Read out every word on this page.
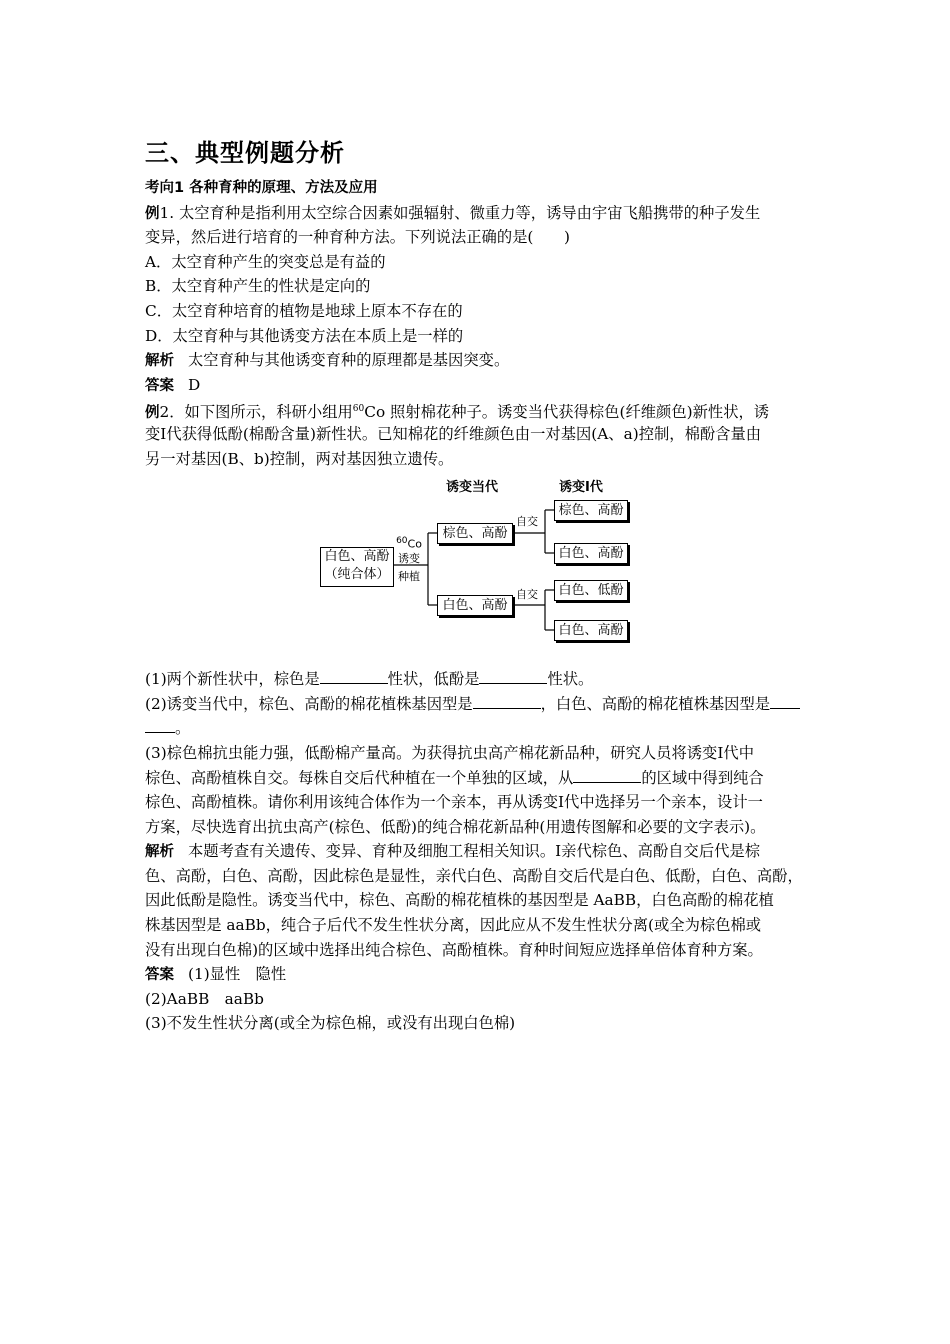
三、典型例题分析
考向1 各种育种的原理、方法及应用
例1. 太空育种是指利用太空综合因素如强辐射、微重力等，诱导由宇宙飞船携带的种子发生
变异，然后进行培育的一种育种方法。下列说法正确的是(　　)
A．太空育种产生的突变总是有益的
B．太空育种产生的性状是定向的
C．太空育种培育的植物是地球上原本不存在的
D．太空育种与其他诱变方法在本质上是一样的
解析 太空育种与其他诱变育种的原理都是基因突变。
答案 D
例2．如下图所示，科研小组用$^{60}$Co 照射棉花种子。诱变当代获得棕色(纤维颜色)新性状，诱
变Ⅰ代获得低酚(棉酚含量)新性状。已知棉花的纤维颜色由一对基因(A、a)控制，棉酚含量由
另一对基因(B、b)控制，两对基因独立遗传。
(1)两个新性状中，棕色是	性状，低酚是	性状。
(2)诱变当代中，棕色、高酚的棉花植株基因型是	，白色、高酚的棉花植株基因型是
。
(3)棕色棉抗虫能力强，低酚棉产量高。为获得抗虫高产棉花新品种，研究人员将诱变Ⅰ代中
棕色、高酚植株自交。每株自交后代种植在一个单独的区域，从	的区域中得到纯合
棕色、高酚植株。请你利用该纯合体作为一个亲本，再从诱变Ⅰ代中选择另一个亲本，设计一
方案，尽快选育出抗虫高产(棕色、低酚)的纯合棉花新品种(用遗传图解和必要的文字表示)。
解析 本题考查有关遗传、变异、育种及细胞工程相关知识。Ⅰ亲代棕色、高酚自交后代是棕
色、高酚，白色、高酚，因此棕色是显性，亲代白色、高酚自交后代是白色、低酚，白色、高酚，
因此低酚是隐性。诱变当代中，棕色、高酚的棉花植株的基因型是 AaBB，白色高酚的棉花植
株基因型是 aaBb，纯合子后代不发生性状分离，因此应从不发生性状分离(或全为棕色棉或
没有出现白色棉)的区域中选择出纯合棕色、高酚植株。育种时间短应选择单倍体育种方案。
答案 (1)显性　隐性
(2)AaBB　aaBb
(3)不发生性状分离(或全为棕色棉，或没有出现白色棉)
诱变当代	诱变Ⅰ代
白色、高酚
（纯合体）
$^{60}$Co
诱变
种植
棕色、高酚
白色、高酚
自交
自交
棕色、高酚
白色、高酚
白色、低酚
白色、高酚
